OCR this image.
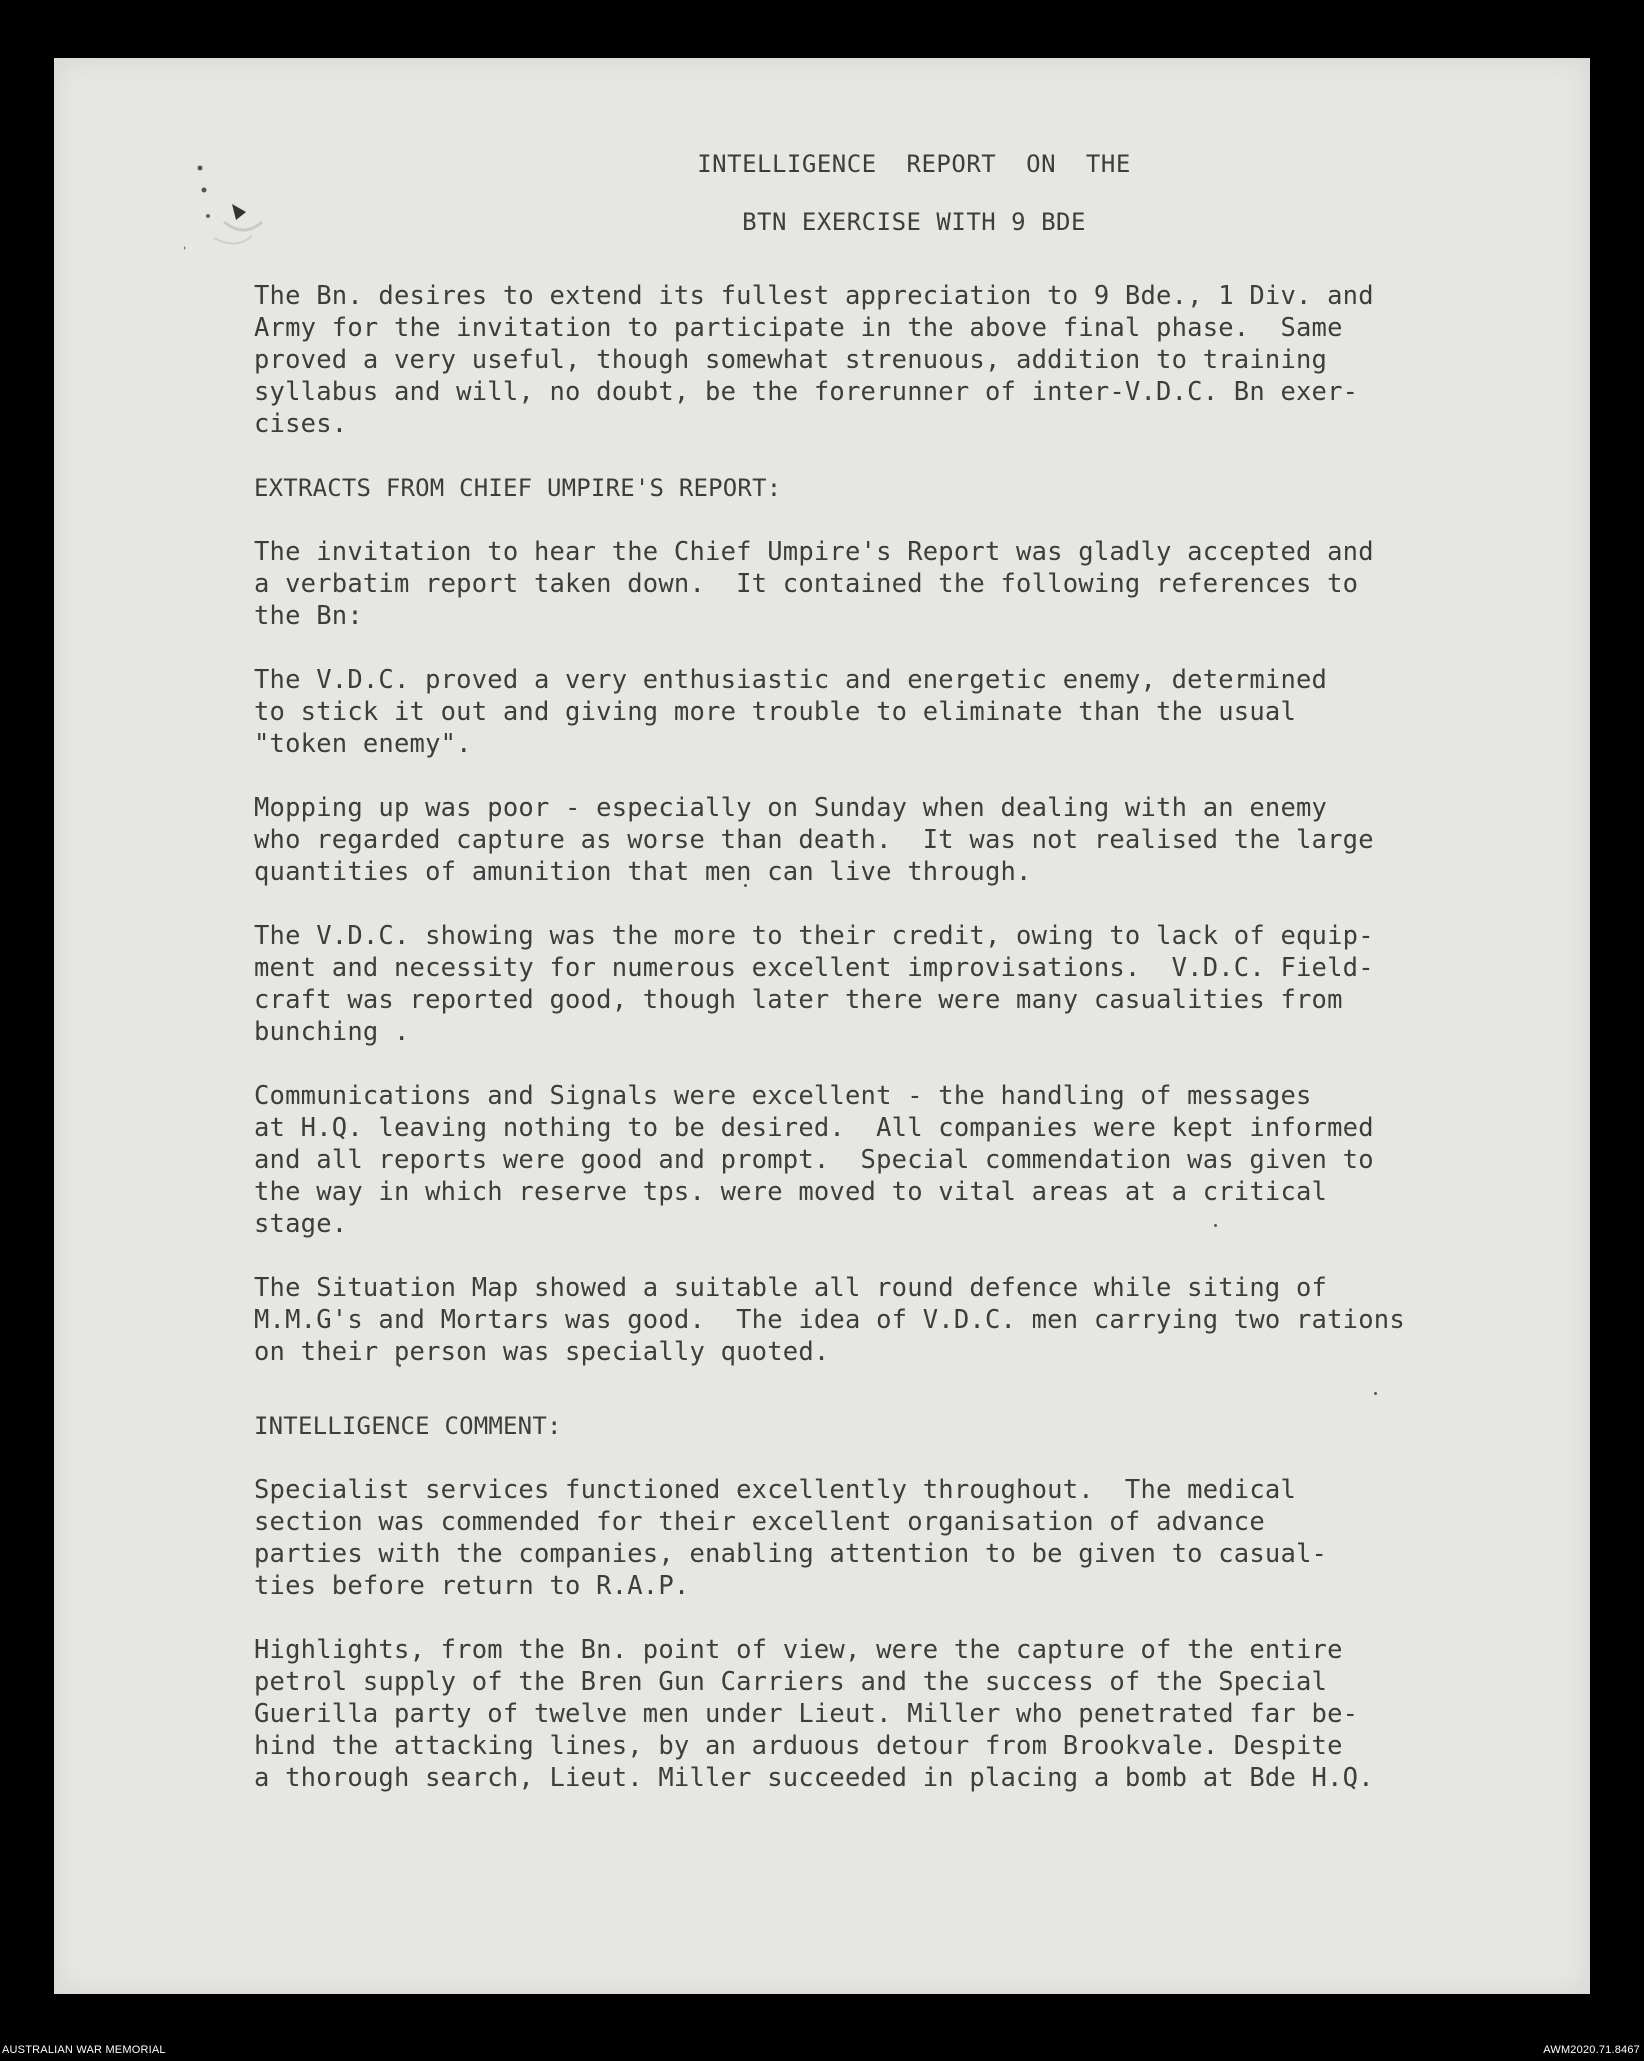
INTELLIGENCE  REPORT  ON  THE
BTN EXERCISE WITH 9 BDE
The Bn. desires to extend its fullest appreciation to 9 Bde., 1 Div. and
Army for the invitation to participate in the above final phase.  Same
proved a very useful, though somewhat strenuous, addition to training
syllabus and will, no doubt, be the forerunner of inter-V.D.C. Bn exer-
cises.
EXTRACTS FROM CHIEF UMPIRE'S REPORT:
The invitation to hear the Chief Umpire's Report was gladly accepted and
a verbatim report taken down.  It contained the following references to
the Bn:
The V.D.C. proved a very enthusiastic and energetic enemy, determined
to stick it out and giving more trouble to eliminate than the usual
"token enemy".
Mopping up was poor - especially on Sunday when dealing with an enemy
who regarded capture as worse than death.  It was not realised the large
quantities of amunition that men can live through.
The V.D.C. showing was the more to their credit, owing to lack of equip-
ment and necessity for numerous excellent improvisations.  V.D.C. Field-
craft was reported good, though later there were many casualities from
bunching .
Communications and Signals were excellent - the handling of messages
at H.Q. leaving nothing to be desired.  All companies were kept informed
and all reports were good and prompt.  Special commendation was given to
the way in which reserve tps. were moved to vital areas at a critical
stage.
The Situation Map showed a suitable all round defence while siting of
M.M.G's and Mortars was good.  The idea of V.D.C. men carrying two rations
on their person was specially quoted.
INTELLIGENCE COMMENT:
Specialist services functioned excellently throughout.  The medical
section was commended for their excellent organisation of advance
parties with the companies, enabling attention to be given to casual-
ties before return to R.A.P.
Highlights, from the Bn. point of view, were the capture of the entire
petrol supply of the Bren Gun Carriers and the success of the Special
Guerilla party of twelve men under Lieut. Miller who penetrated far be-
hind the attacking lines, by an arduous detour from Brookvale. Despite
a thorough search, Lieut. Miller succeeded in placing a bomb at Bde H.Q.
AUSTRALIAN WAR MEMORIAL	AWM2020.71.8467
